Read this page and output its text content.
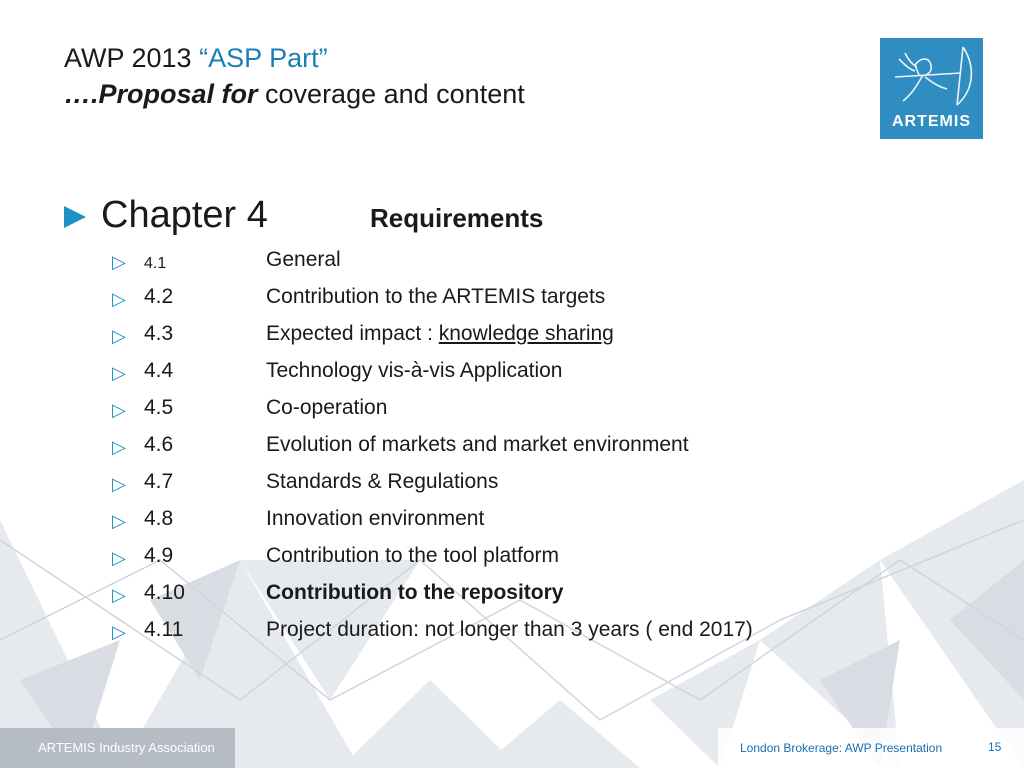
AWP 2013 “ASP Part”
….Proposal for coverage and content
ARTEMIS
Chapter 4	Requirements
▷ 4.1	General
▷ 4.2	Contribution to the ARTEMIS targets
▷ 4.3	Expected impact : knowledge sharing
▷ 4.4	Technology vis-à-vis Application
▷ 4.5	Co-operation
▷ 4.6	Evolution of markets and market environment
▷ 4.7	Standards & Regulations
▷ 4.8	Innovation environment
▷ 4.9	Contribution to the tool platform
▷ 4.10	Contribution to the repository
▷ 4.11	Project duration: not longer than 3 years ( end 2017)
ARTEMIS Industry Association	London Brokerage: AWP Presentation	15
